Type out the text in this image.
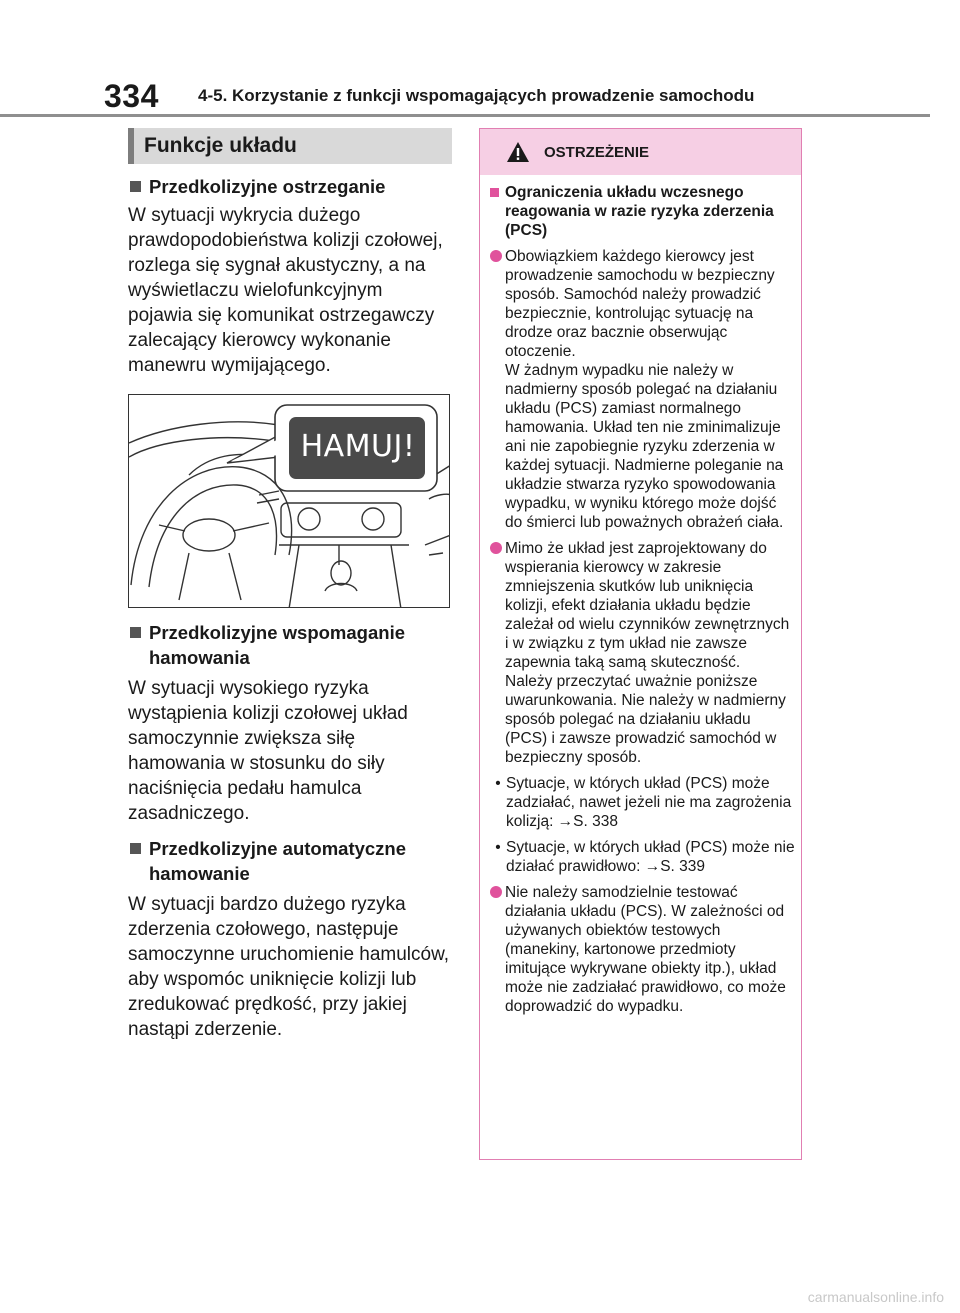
334 4-5. Korzystanie z funkcji wspomagających prowadzenie samochodu
Funkcje układu
Przedkolizyjne ostrzeganie

W sytuacji wykrycia dużego prawdopodobieństwa kolizji czołowej, rozlega się sygnał akustyczny, a na wyświetlaczu wielofunkcyjnym pojawia się komunikat ostrzegawczy zalecający kierowcy wykonanie manewru wymijającego.

HAMUJ!
Przedkolizyjne wspomaganie hamowania

W sytuacji wysokiego ryzyka wystąpienia kolizji czołowej układ samoczynnie zwiększa siłę hamowania w stosunku do siły naciśnięcia pedału hamulca zasadniczego.

Przedkolizyjne automatyczne hamowanie

W sytuacji bardzo dużego ryzyka zderzenia czołowego, następuje samoczynne uruchomienie hamulców, aby wspomóc uniknięcie kolizji lub zredukować prędkość, przy jakiej nastąpi zderzenie.

OSTRZEŻENIE
Ograniczenia układu wczesnego reagowania w razie ryzyka zderzenia (PCS)
Obowiązkiem każdego kierowcy jest prowadzenie samochodu w bezpieczny sposób. Samochód należy prowadzić bezpiecznie, kontrolując sytuację na drodze oraz bacznie obserwując otoczenie.
W żadnym wypadku nie należy w nadmierny sposób polegać na działaniu układu (PCS) zamiast normalnego hamowania. Układ ten nie zminimalizuje ani nie zapobiegnie ryzyku zderzenia w każdej sytuacji. Nadmierne poleganie na układzie stwarza ryzyko spowodowania wypadku, w wyniku którego może dojść do śmierci lub poważnych obrażeń ciała.
Mimo że układ jest zaprojektowany do wspierania kierowcy w zakresie zmniejszenia skutków lub uniknięcia kolizji, efekt działania układu będzie zależał od wielu czynników zewnętrznych i w związku z tym układ nie zawsze zapewnia taką samą skuteczność.
Należy przeczytać uważnie poniższe uwarunkowania. Nie należy w nadmierny sposób polegać na działaniu układu (PCS) i zawsze prowadzić samochód w bezpieczny sposób.
• Sytuacje, w których układ (PCS) może zadziałać, nawet jeżeli nie ma zagrożenia kolizją: →S. 338
• Sytuacje, w których układ (PCS) może nie działać prawidłowo: →S. 339
Nie należy samodzielnie testować działania układu (PCS). W zależności od używanych obiektów testowych (manekiny, kartonowe przedmioty imitujące wykrywane obiekty itp.), układ może nie zadziałać prawidłowo, co może doprowadzić do wypadku.
carmanualsonline.info
